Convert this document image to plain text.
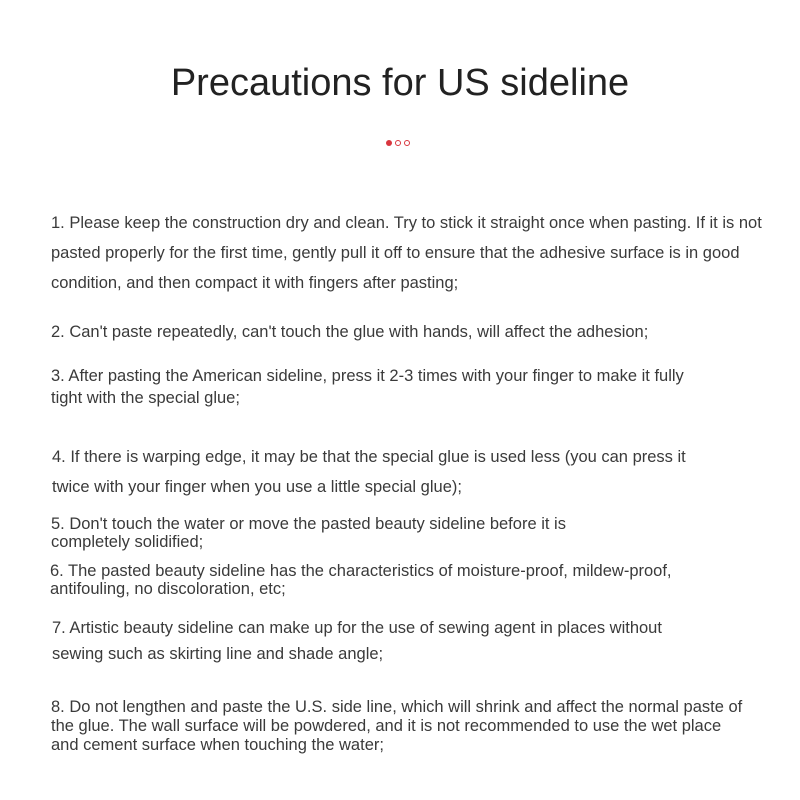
Precautions for US sideline

1. Please keep the construction dry and clean. Try to stick it straight once when pasting. If it is not pasted properly for the first time, gently pull it off to ensure that the adhesive surface is in good condition, and then compact it with fingers after pasting;

2. Can't paste repeatedly, can't touch the glue with hands, will affect the adhesion;

3. After pasting the American sideline, press it 2-3 times with your finger to make it fully tight with the special glue;

4. If there is warping edge, it may be that the special glue is used less (you can press it twice with your finger when you use a little special glue);

5. Don't touch the water or move the pasted beauty sideline before it is completely solidified;

6. The pasted beauty sideline has the characteristics of moisture-proof, mildew-proof, antifouling, no discoloration, etc;

7. Artistic beauty sideline can make up for the use of sewing agent in places without sewing such as skirting line and shade angle;

8. Do not lengthen and paste the U.S. side line, which will shrink and affect the normal paste of the glue. The wall surface will be powdered, and it is not recommended to use the wet place and cement surface when touching the water;
